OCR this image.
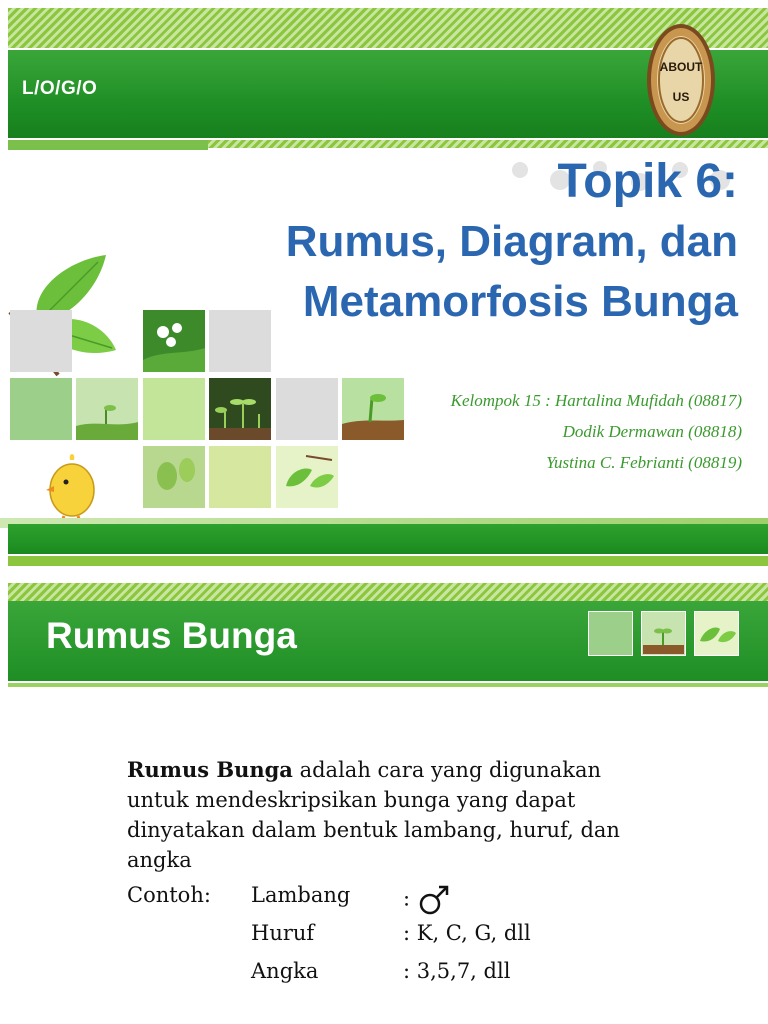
L/O/G/O
ABOUT
US
Topik 6:
Rumus, Diagram, dan
Metamorfosis Bunga
Kelompok 15 : Hartalina Mufidah (08817)
Dodik Dermawan (08818)
Yustina C. Febrianti (08819)
Rumus Bunga
Rumus Bunga adalah cara yang digunakan untuk mendeskripsikan bunga yang dapat dinyatakan dalam bentuk lambang, huruf, dan angka
Contoh: Lambang	:
Huruf	: K, C, G, dll
Angka	: 3,5,7, dll
